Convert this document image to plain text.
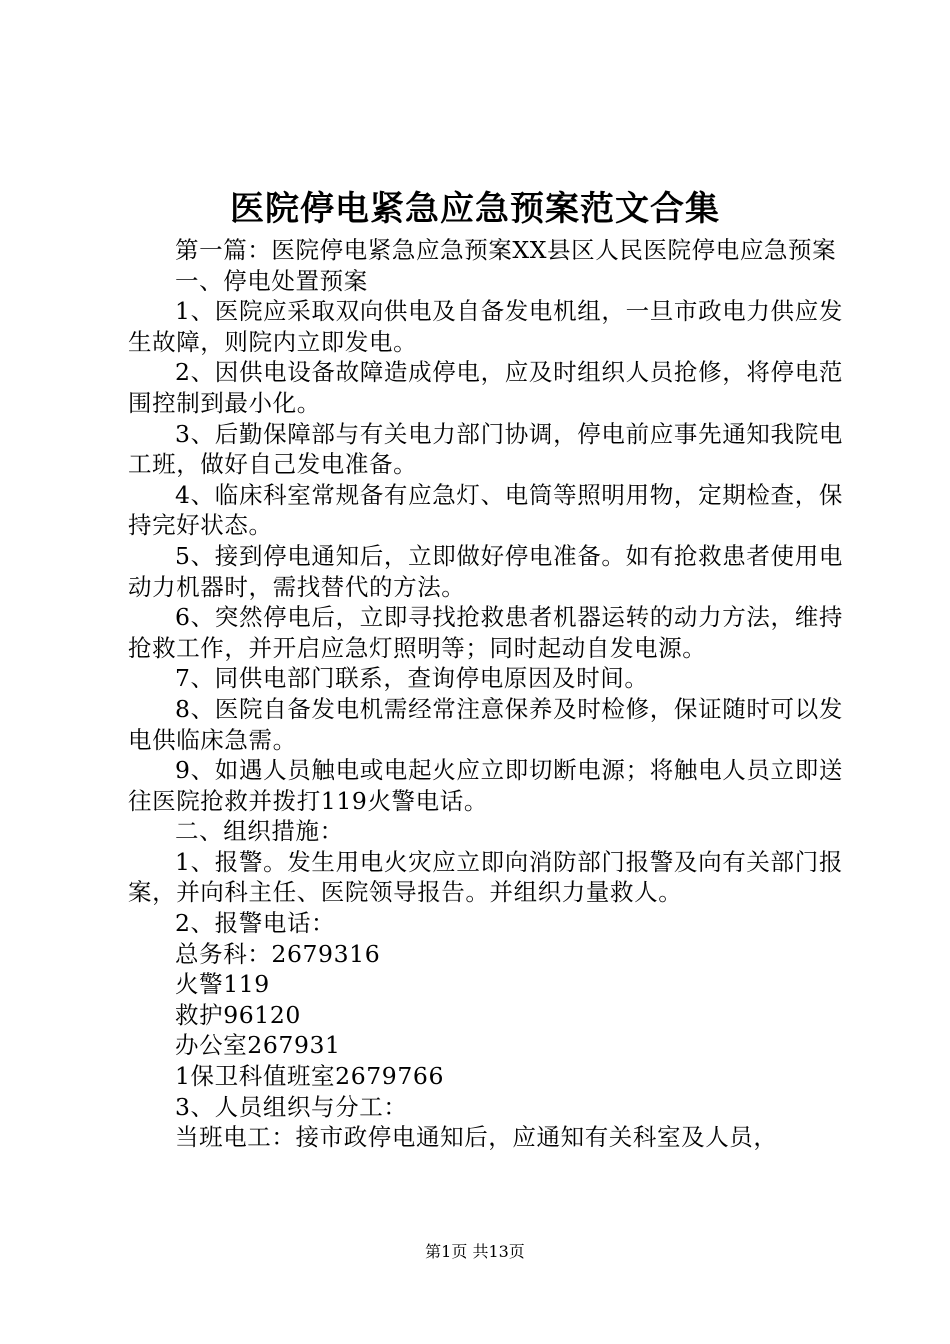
医院停电紧急应急预案范文合集

第一篇：医院停电紧急应急预案XX县区人民医院停电应急预案

一、停电处置预案

1、医院应采取双向供电及自备发电机组，一旦市政电力供应发生故障，则院内立即发电。

2、因供电设备故障造成停电，应及时组织人员抢修，将停电范围控制到最小化。

3、后勤保障部与有关电力部门协调，停电前应事先通知我院电工班，做好自己发电准备。

4、临床科室常规备有应急灯、电筒等照明用物，定期检查，保持完好状态。

5、接到停电通知后，立即做好停电准备。如有抢救患者使用电动力机器时，需找替代的方法。

6、突然停电后，立即寻找抢救患者机器运转的动力方法，维持抢救工作，并开启应急灯照明等；同时起动自发电源。

7、同供电部门联系，查询停电原因及时间。

8、医院自备发电机需经常注意保养及时检修，保证随时可以发电供临床急需。

9、如遇人员触电或电起火应立即切断电源；将触电人员立即送往医院抢救并拨打119火警电话。

二、组织措施：

1、报警。发生用电火灾应立即向消防部门报警及向有关部门报案，并向科主任、医院领导报告。并组织力量救人。

2、报警电话：

总务科：2679316

火警119

救护96120

办公室267931

1保卫科值班室2679766

3、人员组织与分工：

当班电工：接市政停电通知后，应通知有关科室及人员，

第1页 共13页
